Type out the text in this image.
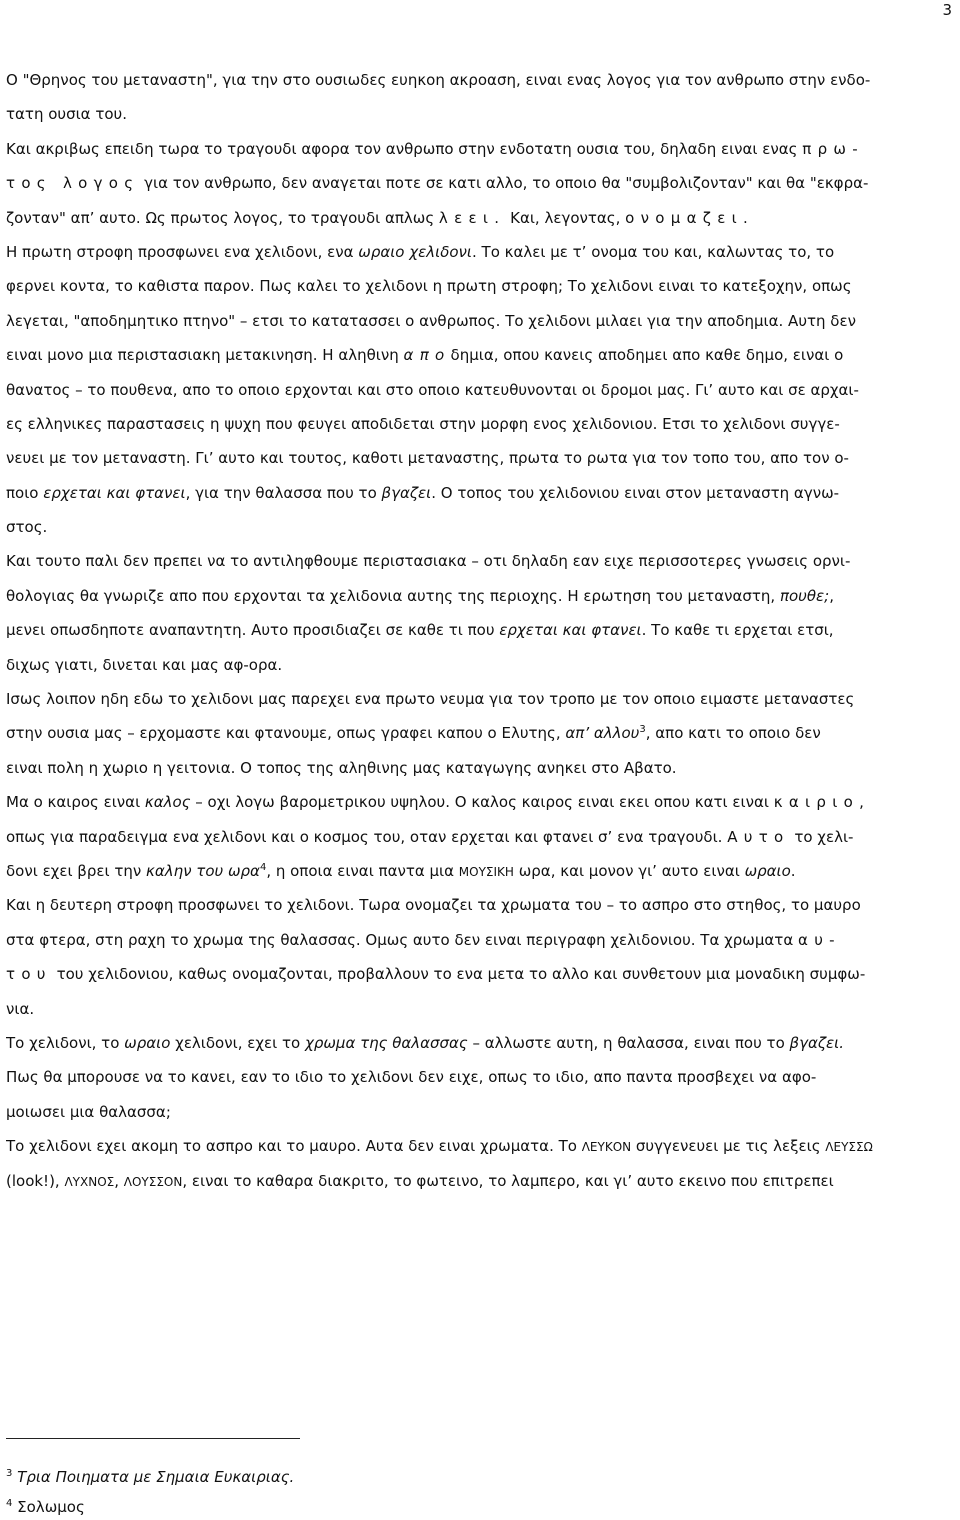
3
Ο "Θρηνος του μεταναστη", για την στο ουσιωδες ευηκοη ακροαση, ειναι ενας λογος για τον ανθρωπο στην ενδο-
τατη ουσια του.
Και ακριβως επειδη τωρα το τραγουδι αφορα τον ανθρωπο στην ενδοτατη ουσια του, δηλαδη ειναι ενας πρω-
τος λογος για τον ανθρωπο, δεν αναγεται ποτε σε κατι αλλο, το οποιο θα "συμβολιζονταν" και θα "εκφρα-
ζονταν" απ’ αυτο. Ως πρωτος λογος, το τραγουδι απλως λεει. Και, λεγοντας, ονομαζει.
Η πρωτη στροφη προσφωνει ενα χελιδονι, ενα ωραιο χελιδονι. Το καλει με τ’ ονομα του και, καλωντας το, το
φερνει κοντα, το καθιστα παρον. Πως καλει το χελιδονι η πρωτη στροφη; Το χελιδονι ειναι το κατεξοχην, οπως
λεγεται, "αποδημητικο πτηνο" – ετσι το κατατασσει ο ανθρωπος. Το χελιδονι μιλαει για την αποδημια. Αυτη δεν
ειναι μονο μια περιστασιακη μετακινηση. Η αληθινη αποδημια, οπου κανεις αποδημει απο καθε δημο, ειναι ο
θανατος – το πουθενα, απο το οποιο ερχονται και στο οποιο κατευθυνονται οι δρομοι μας. Γι’ αυτο και σε αρχαι-
ες ελληνικες παραστασεις η ψυχη που φευγει αποδιδεται στην μορφη ενος χελιδονιου. Ετσι το χελιδονι συγγε-
νευει με τον μεταναστη. Γι’ αυτο και τουτος, καθοτι μεταναστης, πρωτα το ρωτα για τον τοπο του, απο τον ο-
ποιο ερχεται και φτανει, για την θαλασσα που το βγαζει. Ο τοπος του χελιδονιου ειναι στον μεταναστη αγνω-
στος.
Και τουτο παλι δεν πρεπει να το αντιληφθουμε περιστασιακα – οτι δηλαδη εαν ειχε περισσοτερες γνωσεις ορνι-
θολογιας θα γνωριζε απο που ερχονται τα χελιδονια αυτης της περιοχης. Η ερωτηση του μεταναστη, πουθε;,
μενει οπωσδηποτε αναπαντητη. Αυτο προσιδιαζει σε καθε τι που ερχεται και φτανει. Το καθε τι ερχεται ετσι,
διχως γιατι, δινεται και μας αφ-ορα.
Ισως λοιπον ηδη εδω το χελιδονι μας παρεχει ενα πρωτο νευμα για τον τροπο με τον οποιο ειμαστε μεταναστες
στην ουσια μας – ερχομαστε και φτανουμε, οπως γραφει καπου ο Ελυτης, απ’ αλλου$^3$, απο κατι το οποιο δεν
ειναι πολη η χωριο η γειτονια. Ο τοπος της αληθινης μας καταγωγης ανηκει στο Αβατο.
Μα ο καιρος ειναι καλος – οχι λογω βαρομετρικου υψηλου. Ο καλος καιρος ειναι εκει οπου κατι ειναι καιριο,
οπως για παραδειγμα ενα χελιδονι και ο κοσμος του, οταν ερχεται και φτανει σ’ ενα τραγουδι. Αυτο το χελι-
δονι εχει βρει την καλην του ωρα$^4$, η οποια ειναι παντα μια ΜΟΥΣΙΚΗ ωρα, και μονον γι’ αυτο ειναι ωραιο.
Και η δευτερη στροφη προσφωνει το χελιδονι. Τωρα ονομαζει τα χρωματα του – το ασπρο στο στηθος, το μαυρο
στα φτερα, στη ραχη το χρωμα της θαλασσας. Ομως αυτο δεν ειναι περιγραφη χελιδονιου. Τα χρωματα αυ-
του του χελιδονιου, καθως ονομαζονται, προβαλλουν το ενα μετα το αλλο και συνθετουν μια μοναδικη συμφω-
νια.
Το χελιδονι, το ωραιο χελιδονι, εχει το χρωμα της θαλασσας – αλλωστε αυτη, η θαλασσα, ειναι που το βγαζει.
Πως θα μπορουσε να το κανει, εαν το ιδιο το χελιδονι δεν ειχε, οπως το ιδιο, απο παντα προσβεχει να αφο-
μοιωσει μια θαλασσα;
Το χελιδονι εχει ακομη το ασπρο και το μαυρο. Αυτα δεν ειναι χρωματα. Το ΛΕΥΚΟΝ συγγενευει με τις λεξεις ΛΕΥΣΣΩ
(look!), ΛΥΧΝΟΣ, ΛΟΥΣΣΟΝ, ειναι το καθαρα διακριτο, το φωτεινο, το λαμπερο, και γι’ αυτο εκεινο που επιτρεπει
$^3$ Τρια Ποιηματα με Σημαια Ευκαιριας.
$^4$ Σολωμος
